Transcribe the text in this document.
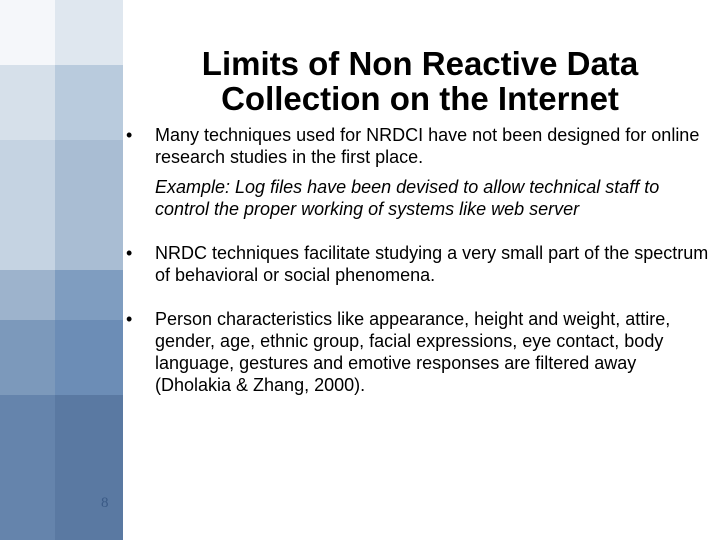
Limits of Non Reactive Data
Collection on the Internet
• Many techniques used for NRDCI have not been designed for online research studies in the first place.

Example: Log files have been devised to allow technical staff to control the proper working of systems like web server

• NRDC techniques facilitate studying a very small part of the spectrum of behavioral or social phenomena.

• Person characteristics like appearance, height and weight, attire, gender, age, ethnic group, facial expressions, eye contact, body language, gestures and emotive responses are filtered away (Dholakia & Zhang, 2000).

8
